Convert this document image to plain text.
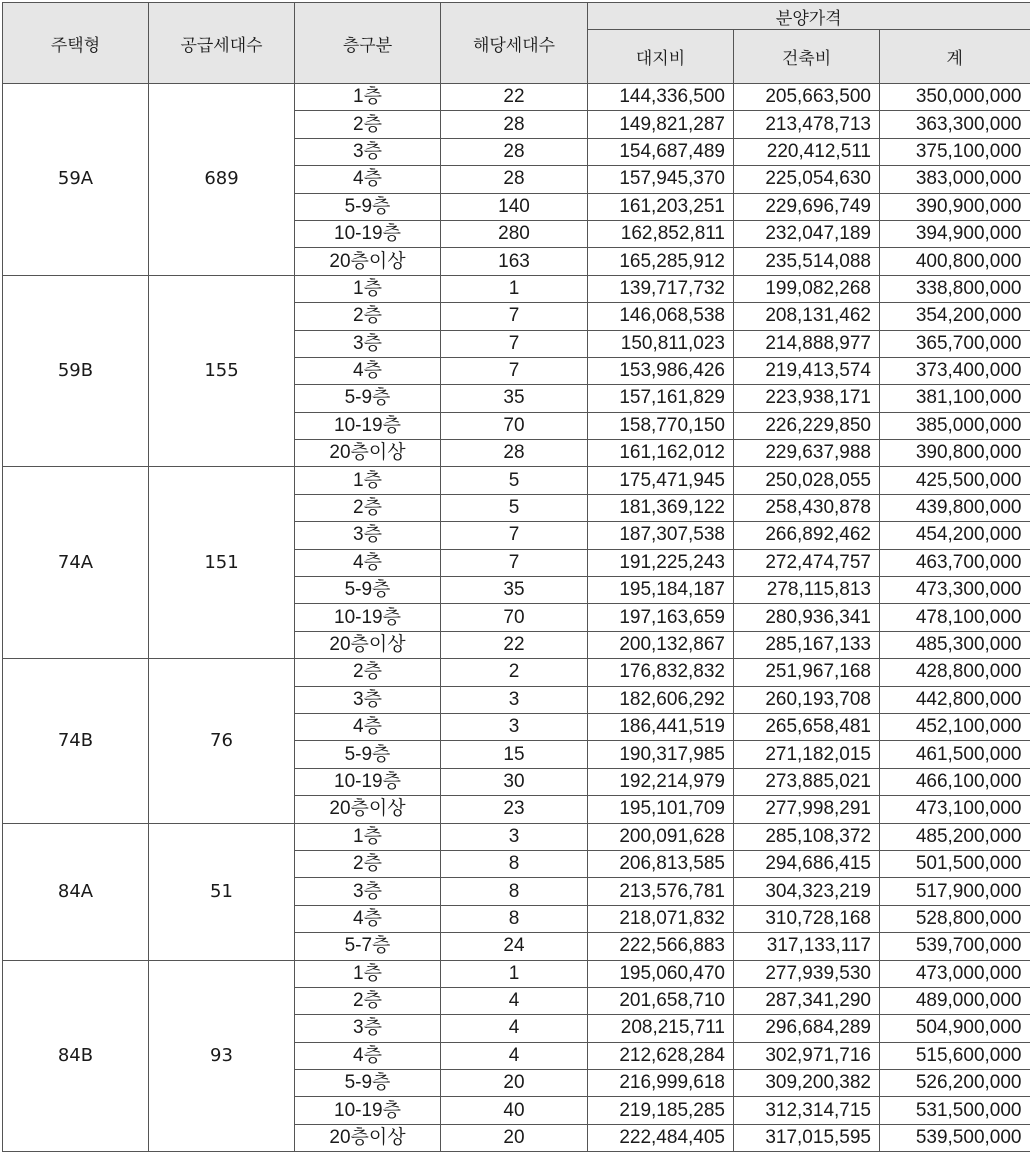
주택형	공급세대수	층구분	해당세대수	분양가격		
				대지비	건축비	계
59A	689	1층	22	144,336,500	205,663,500	350,000,000
		2층	28	149,821,287	213,478,713	363,300,000
		3층	28	154,687,489	220,412,511	375,100,000
		4층	28	157,945,370	225,054,630	383,000,000
		5-9층	140	161,203,251	229,696,749	390,900,000
		10-19층	280	162,852,811	232,047,189	394,900,000
		20층이상	163	165,285,912	235,514,088	400,800,000
59B	155	1층	1	139,717,732	199,082,268	338,800,000
		2층	7	146,068,538	208,131,462	354,200,000
		3층	7	150,811,023	214,888,977	365,700,000
		4층	7	153,986,426	219,413,574	373,400,000
		5-9층	35	157,161,829	223,938,171	381,100,000
		10-19층	70	158,770,150	226,229,850	385,000,000
		20층이상	28	161,162,012	229,637,988	390,800,000
74A	151	1층	5	175,471,945	250,028,055	425,500,000
		2층	5	181,369,122	258,430,878	439,800,000
		3층	7	187,307,538	266,892,462	454,200,000
		4층	7	191,225,243	272,474,757	463,700,000
		5-9층	35	195,184,187	278,115,813	473,300,000
		10-19층	70	197,163,659	280,936,341	478,100,000
		20층이상	22	200,132,867	285,167,133	485,300,000
74B	76	2층	2	176,832,832	251,967,168	428,800,000
		3층	3	182,606,292	260,193,708	442,800,000
		4층	3	186,441,519	265,658,481	452,100,000
		5-9층	15	190,317,985	271,182,015	461,500,000
		10-19층	30	192,214,979	273,885,021	466,100,000
		20층이상	23	195,101,709	277,998,291	473,100,000
84A	51	1층	3	200,091,628	285,108,372	485,200,000
		2층	8	206,813,585	294,686,415	501,500,000
		3층	8	213,576,781	304,323,219	517,900,000
		4층	8	218,071,832	310,728,168	528,800,000
		5-7층	24	222,566,883	317,133,117	539,700,000
84B	93	1층	1	195,060,470	277,939,530	473,000,000
		2층	4	201,658,710	287,341,290	489,000,000
		3층	4	208,215,711	296,684,289	504,900,000
		4층	4	212,628,284	302,971,716	515,600,000
		5-9층	20	216,999,618	309,200,382	526,200,000
		10-19층	40	219,185,285	312,314,715	531,500,000
		20층이상	20	222,484,405	317,015,595	539,500,000
